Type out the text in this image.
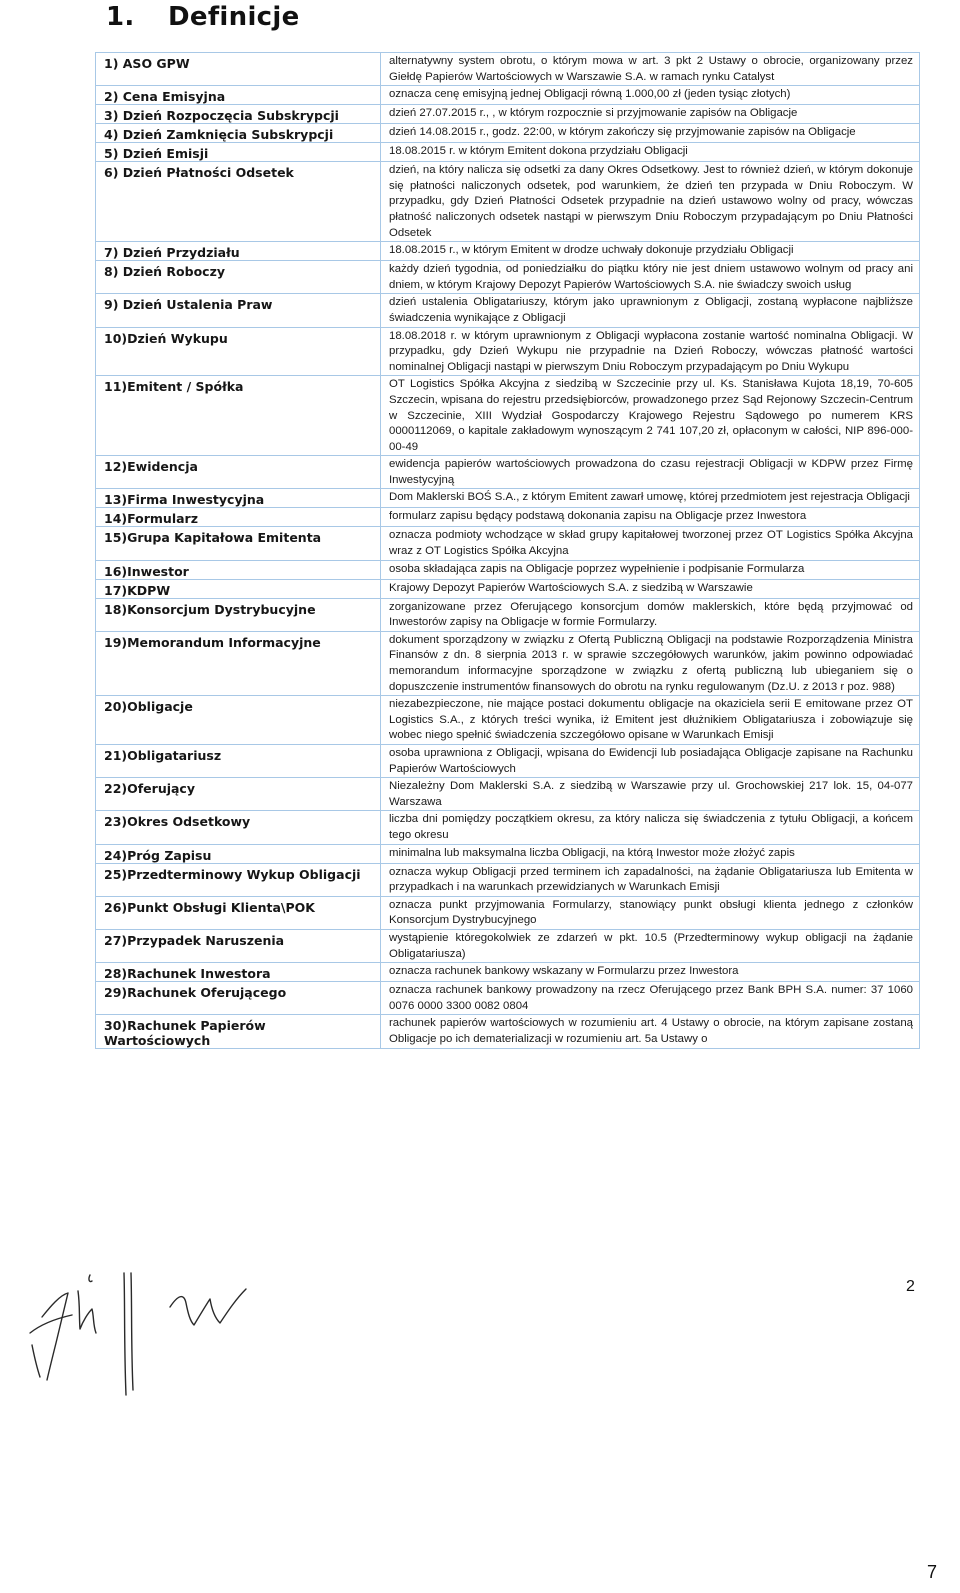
1. Definicje
1) ASO GPW	alternatywny system obrotu, o którym mowa w art. 3 pkt 2 Ustawy o obrocie, organizowany przez Giełdę Papierów Wartościowych w Warszawie S.A. w ramach rynku Catalyst
2) Cena Emisyjna	oznacza cenę emisyjną jednej Obligacji równą 1.000,00 zł (jeden tysiąc złotych)
3) Dzień Rozpoczęcia Subskrypcji	dzień 27.07.2015 r., , w którym rozpocznie si przyjmowanie zapisów na Obligacje
4) Dzień Zamknięcia Subskrypcji	dzień 14.08.2015 r., godz. 22:00, w którym zakończy się przyjmowanie zapisów na Obligacje
5) Dzień Emisji	18.08.2015 r. w którym Emitent dokona przydziału Obligacji
6) Dzień Płatności Odsetek	dzień, na który nalicza się odsetki za dany Okres Odsetkowy. Jest to również dzień, w którym dokonuje się płatności naliczonych odsetek, pod warunkiem, że dzień ten przypada w Dniu Roboczym. W przypadku, gdy Dzień Płatności Odsetek przypadnie na dzień ustawowo wolny od pracy, wówczas płatność naliczonych odsetek nastąpi w pierwszym Dniu Roboczym przypadającym po Dniu Płatności Odsetek
7) Dzień Przydziału	18.08.2015 r., w którym Emitent w drodze uchwały dokonuje przydziału Obligacji
8) Dzień Roboczy	każdy dzień tygodnia, od poniedziałku do piątku który nie jest dniem ustawowo wolnym od pracy ani dniem, w którym Krajowy Depozyt Papierów Wartościowych S.A. nie świadczy swoich usług
9) Dzień Ustalenia Praw	dzień ustalenia Obligatariuszy, którym jako uprawnionym z Obligacji, zostaną wypłacone najbliższe świadczenia wynikające z Obligacji
10)Dzień Wykupu	18.08.2018 r. w którym uprawnionym z Obligacji wypłacona zostanie wartość nominalna Obligacji. W przypadku, gdy Dzień Wykupu nie przypadnie na Dzień Roboczy, wówczas płatność wartości nominalnej Obligacji nastąpi w pierwszym Dniu Roboczym przypadającym po Dniu Wykupu
11)Emitent / Spółka	OT Logistics Spółka Akcyjna z siedzibą w Szczecinie przy ul. Ks. Stanisława Kujota 18,19, 70-605 Szczecin, wpisana do rejestru przedsiębiorców, prowadzonego przez Sąd Rejonowy Szczecin-Centrum w Szczecinie, XIII Wydział Gospodarczy Krajowego Rejestru Sądowego po numerem KRS 0000112069, o kapitale zakładowym wynoszącym 2 741 107,20 zł, opłaconym w całości, NIP 896-000-00-49
12)Ewidencja	ewidencja papierów wartościowych prowadzona do czasu rejestracji Obligacji w KDPW przez Firmę Inwestycyjną
13)Firma Inwestycyjna	Dom Maklerski BOŚ S.A., z którym Emitent zawarł umowę, której przedmiotem jest rejestracja Obligacji
14)Formularz	formularz zapisu będący podstawą dokonania zapisu na Obligacje przez Inwestora
15)Grupa Kapitałowa Emitenta	oznacza podmioty wchodzące w skład grupy kapitałowej tworzonej przez OT Logistics Spółka Akcyjna wraz z OT Logistics Spółka Akcyjna
16)Inwestor	osoba składająca zapis na Obligacje poprzez wypełnienie i podpisanie Formularza
17)KDPW	Krajowy Depozyt Papierów Wartościowych S.A. z siedzibą w Warszawie
18)Konsorcjum Dystrybucyjne	zorganizowane przez Oferującego konsorcjum domów maklerskich, które będą przyjmować od Inwestorów zapisy na Obligacje w formie Formularzy.
19)Memorandum Informacyjne	dokument sporządzony w związku z Ofertą Publiczną Obligacji na podstawie Rozporządzenia Ministra Finansów z dn. 8 sierpnia 2013 r. w sprawie szczegółowych warunków, jakim powinno odpowiadać memorandum informacyjne sporządzone w związku z ofertą publiczną lub ubieganiem się o dopuszczenie instrumentów finansowych do obrotu na rynku regulowanym (Dz.U. z 2013 r poz. 988)
20)Obligacje	niezabezpieczone, nie mające postaci dokumentu obligacje na okaziciela serii E emitowane przez OT Logistics S.A., z których treści wynika, iż Emitent jest dłużnikiem Obligatariusza i zobowiązuje się wobec niego spełnić świadczenia szczegółowo opisane w Warunkach Emisji
21)Obligatariusz	osoba uprawniona z Obligacji, wpisana do Ewidencji lub posiadająca Obligacje zapisane na Rachunku Papierów Wartościowych
22)Oferujący	Niezależny Dom Maklerski S.A. z siedzibą w Warszawie przy ul. Grochowskiej 217 lok. 15, 04-077 Warszawa
23)Okres Odsetkowy	liczba dni pomiędzy początkiem okresu, za który nalicza się świadczenia z tytułu Obligacji, a końcem tego okresu
24)Próg Zapisu	minimalna lub maksymalna liczba Obligacji, na którą Inwestor może złożyć zapis
25)Przedterminowy Wykup Obligacji	oznacza wykup Obligacji przed terminem ich zapadalności, na żądanie Obligatariusza lub Emitenta w przypadkach i na warunkach przewidzianych w Warunkach Emisji
26)Punkt Obsługi Klienta\POK	oznacza punkt przyjmowania Formularzy, stanowiący punkt obsługi klienta jednego z członków Konsorcjum Dystrybucyjnego
27)Przypadek Naruszenia	wystąpienie któregokolwiek ze zdarzeń w pkt. 10.5 (Przedterminowy wykup obligacji na żądanie Obligatariusza)
28)Rachunek Inwestora	oznacza rachunek bankowy wskazany w Formularzu przez Inwestora
29)Rachunek Oferującego	oznacza rachunek bankowy prowadzony na rzecz Oferującego przez Bank BPH S.A. numer: 37 1060 0076 0000 3300 0082 0804
30)Rachunek Papierów Wartościowych	rachunek papierów wartościowych w rozumieniu art. 4 Ustawy o obrocie, na którym zapisane zostaną Obligacje po ich dematerializacji w rozumieniu art. 5a Ustawy o
2
7
